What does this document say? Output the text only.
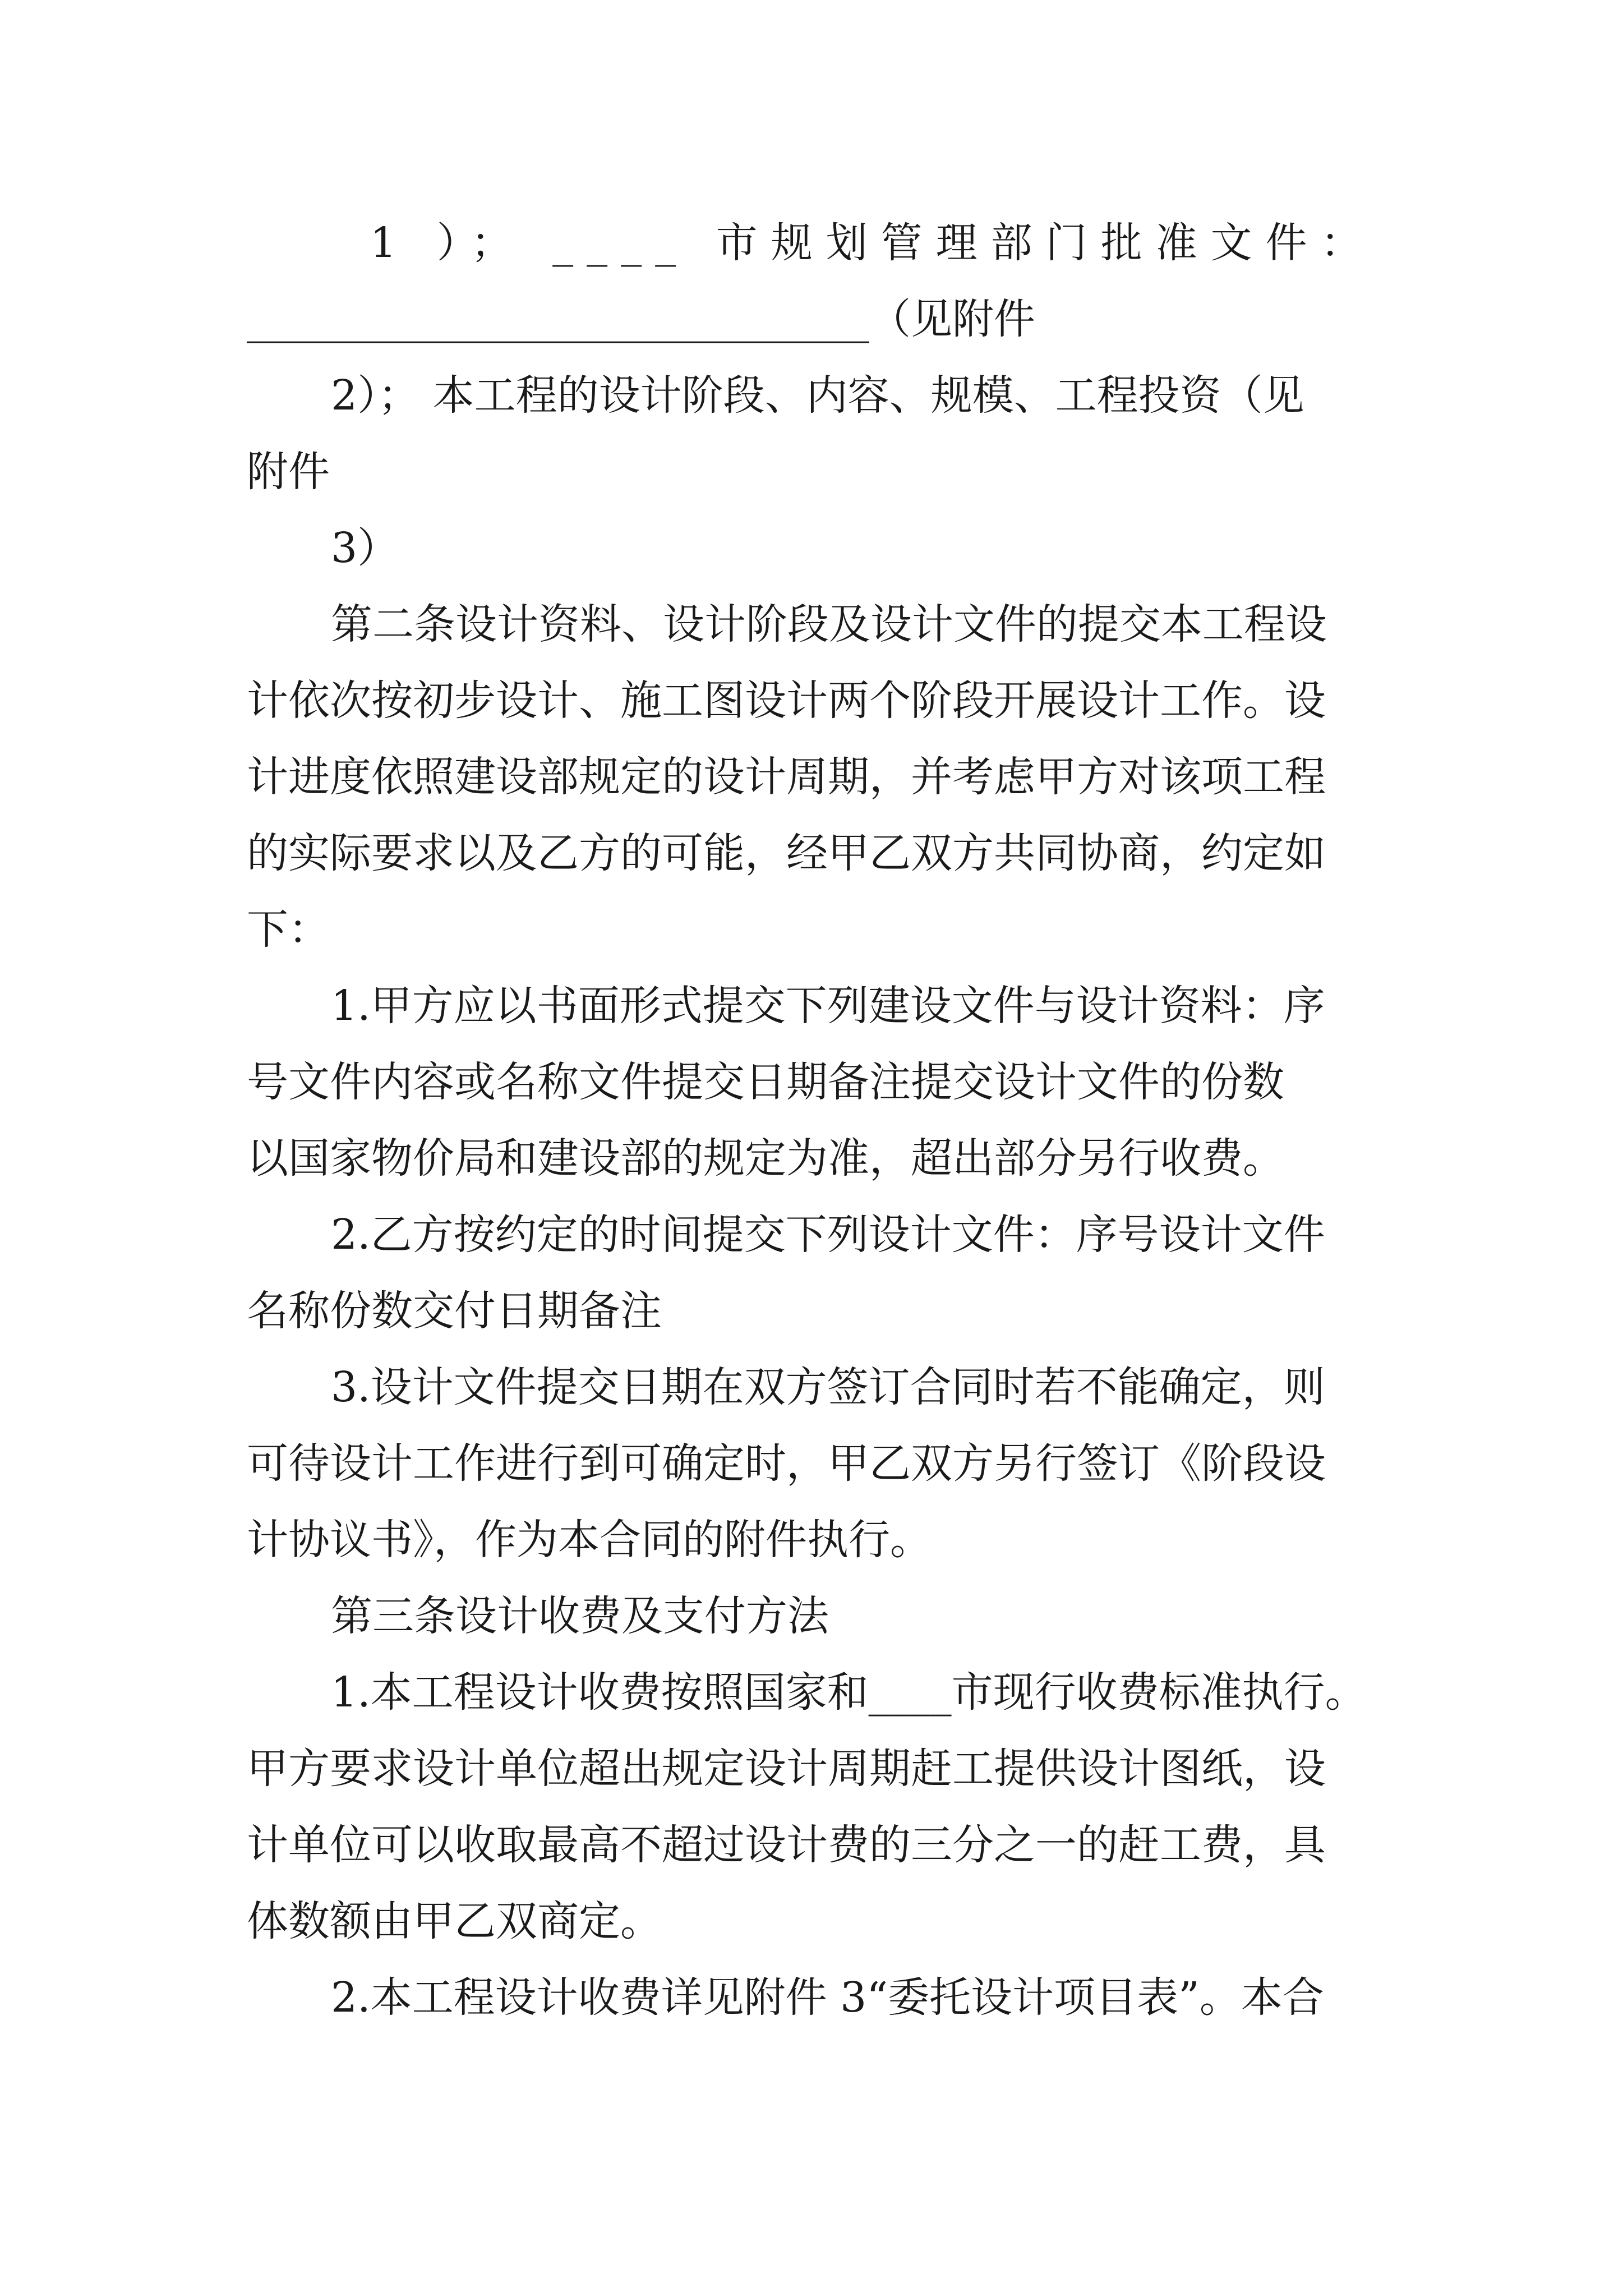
1 ）； ____ 市规划管理部门批准文件：
______________________________（见附件
2）； 本工程的设计阶段、内容、规模、工程投资（见
附件
3）
第二条设计资料、设计阶段及设计文件的提交本工程设
计依次按初步设计、施工图设计两个阶段开展设计工作。设
计进度依照建设部规定的设计周期，并考虑甲方对该项工程
的实际要求以及乙方的可能，经甲乙双方共同协商，约定如
下：
1.甲方应以书面形式提交下列建设文件与设计资料：序
号文件内容或名称文件提交日期备注提交设计文件的份数
以国家物价局和建设部的规定为准，超出部分另行收费。
2.乙方按约定的时间提交下列设计文件：序号设计文件
名称份数交付日期备注
3.设计文件提交日期在双方签订合同时若不能确定，则
可待设计工作进行到可确定时，甲乙双方另行签订《阶段设
计协议书》，作为本合同的附件执行。
第三条设计收费及支付方法
1.本工程设计收费按照国家和____市现行收费标准执行。
甲方要求设计单位超出规定设计周期赶工提供设计图纸，设
计单位可以收取最高不超过设计费的三分之一的赶工费，具
体数额由甲乙双商定。
2.本工程设计收费详见附件 3“委托设计项目表”。本合
